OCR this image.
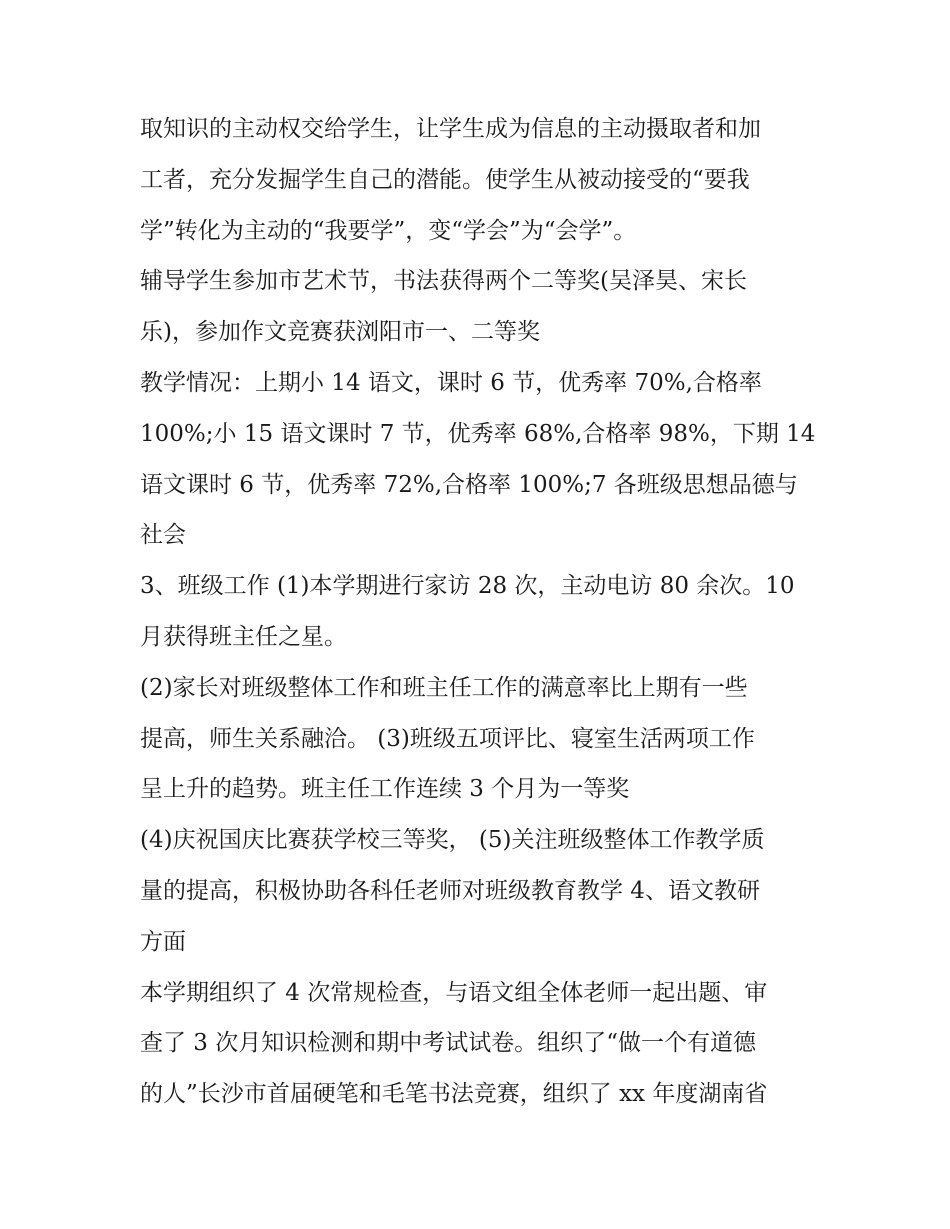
取知识的主动权交给学生，让学生成为信息的主动摄取者和加
工者，充分发掘学生自己的潜能。使学生从被动接受的“要我
学”转化为主动的“我要学”，变“学会”为“会学”。
辅导学生参加市艺术节，书法获得两个二等奖(吴泽昊、宋长
乐)，参加作文竞赛获浏阳市一、二等奖
教学情况：上期小 14 语文，课时 6 节，优秀率 70%,合格率
100%;小 15 语文课时 7 节，优秀率 68%,合格率 98%，下期 14
语文课时 6 节，优秀率 72%,合格率 100%;7 各班级思想品德与
社会
3、班级工作 (1)本学期进行家访 28 次，主动电访 80 余次。10
月获得班主任之星。
(2)家长对班级整体工作和班主任工作的满意率比上期有一些
提高，师生关系融洽。 (3)班级五项评比、寝室生活两项工作
呈上升的趋势。班主任工作连续 3 个月为一等奖
(4)庆祝国庆比赛获学校三等奖， (5)关注班级整体工作教学质
量的提高，积极协助各科任老师对班级教育教学 4、语文教研
方面
本学期组织了 4 次常规检查，与语文组全体老师一起出题、审
查了 3 次月知识检测和期中考试试卷。组织了“做一个有道德
的人”长沙市首届硬笔和毛笔书法竞赛，组织了 xx 年度湖南省
